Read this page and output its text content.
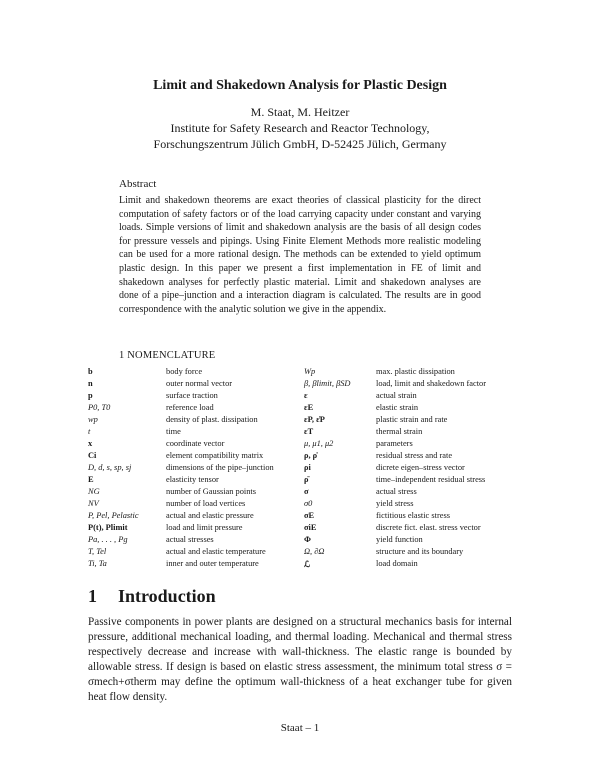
Limit and Shakedown Analysis for Plastic Design
M. Staat, M. Heitzer
Institute for Safety Research and Reactor Technology,
Forschungszentrum Jülich GmbH, D-52425 Jülich, Germany
Abstract
Limit and shakedown theorems are exact theories of classical plasticity for the direct computation of safety factors or of the load carrying capacity under constant and varying loads. Simple versions of limit and shakedown analysis are the basis of all design codes for pressure vessels and pipings. Using Finite Element Methods more realistic modeling can be used for a more rational design. The methods can be extended to yield optimum plastic design. In this paper we present a first implementation in FE of limit and shakedown analyses for perfectly plastic material. Limit and shakedown analyses are done of a pipe–junction and a interaction diagram is calculated. The results are in good correspondence with the analytic solution we give in the appendix.
1 NOMENCLATURE
b	body force	Wp	max. plastic dissipation
n	outer normal vector	β, βlimit, βSD	load, limit and shakedown factor
p	surface traction	ε	actual strain
P0, T0	reference load	εE	elastic strain
wp	density of plast. dissipation	εP, ε̇P	plastic strain and rate
t	time	εT	thermal strain
x	coordinate vector	μ, μ1, μ2	parameters
Ci	element compatibility matrix	ρ, ρ̇	residual stress and rate
D, d, s, sp, sj	dimensions of the pipe–junction	ρi	dicrete eigen–stress vector
E	elasticity tensor	ρ̄	time–independent residual stress
NG	number of Gaussian points	σ	actual stress
NV	number of load vertices	σ0	yield stress
P, Pel, Pelastic	actual and elastic pressure	σE	fictitious elastic stress
P(t), Plimit	load and limit pressure	σiE	discrete fict. elast. stress vector
Pa, . . . , Pg	actual stresses	Φ	yield function
T, Tel	actual and elastic temperature	Ω, ∂Ω	structure and its boundary
Ti, Ta	inner and outer temperature	ℒ	load domain
1 Introduction
Passive components in power plants are designed on a structural mechanics basis for internal pressure, additional mechanical loading, and thermal loading. Mechanical and thermal stress respectively decrease and increase with wall-thickness. The elastic range is bounded by allowable stress. If design is based on elastic stress assessment, the minimum total stress σ = σmech+σtherm may define the optimum wall-thickness of a heat exchanger tube for given heat flow density.
Staat – 1
